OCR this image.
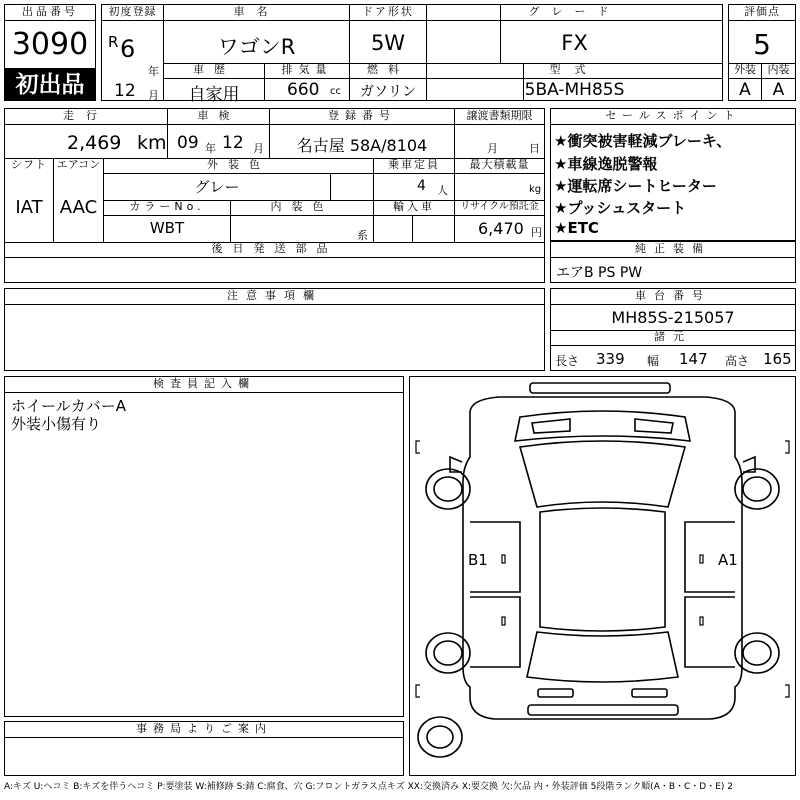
出品番号
3090
初出品
初度登録
R 6
年
12 月
車名
ワゴンR
ドア形状
5W
グレード
FX
車歴
自家用
排気量
660 cc
燃料
ガソリン
型式
5BA-MH85S
評価点
5
外装	内装
A	A
走行
2,469 km
車検
09 年 12 月
登録番号
名古屋 58A/8104
譲渡書類期限
月	日
シフト
IAT
エアコン
AAC
外装色
グレー
乗車定員
4 人
最大積載量
kg
カラーNo.
WBT
内装色
系
輸入車	リサイクル預託金
6,470 円
後日発送部品
セールスポイント
★衝突被害軽減ブレーキ、
★車線逸脱警報
★運転席シートヒーター
★プッシュスタート
★ETC
純正装備
エアB PS PW
注意事項欄	車台番号
MH85S-215057
諸元
長さ 339 幅 147 高さ 165
検査員記入欄
ホイールカバーA
外装小傷有り
事務局よりご案内
B1	A1
A:キズ U:ヘコミ B:キズを伴うヘコミ P:要塗装 W:補修跡 S:錆 C:腐食、穴 G:フロントガラス点キズ XX:交換済み X:要交換 欠:欠品 内・外装評価 5段階ランク順(A・B・C・D・E) 2
